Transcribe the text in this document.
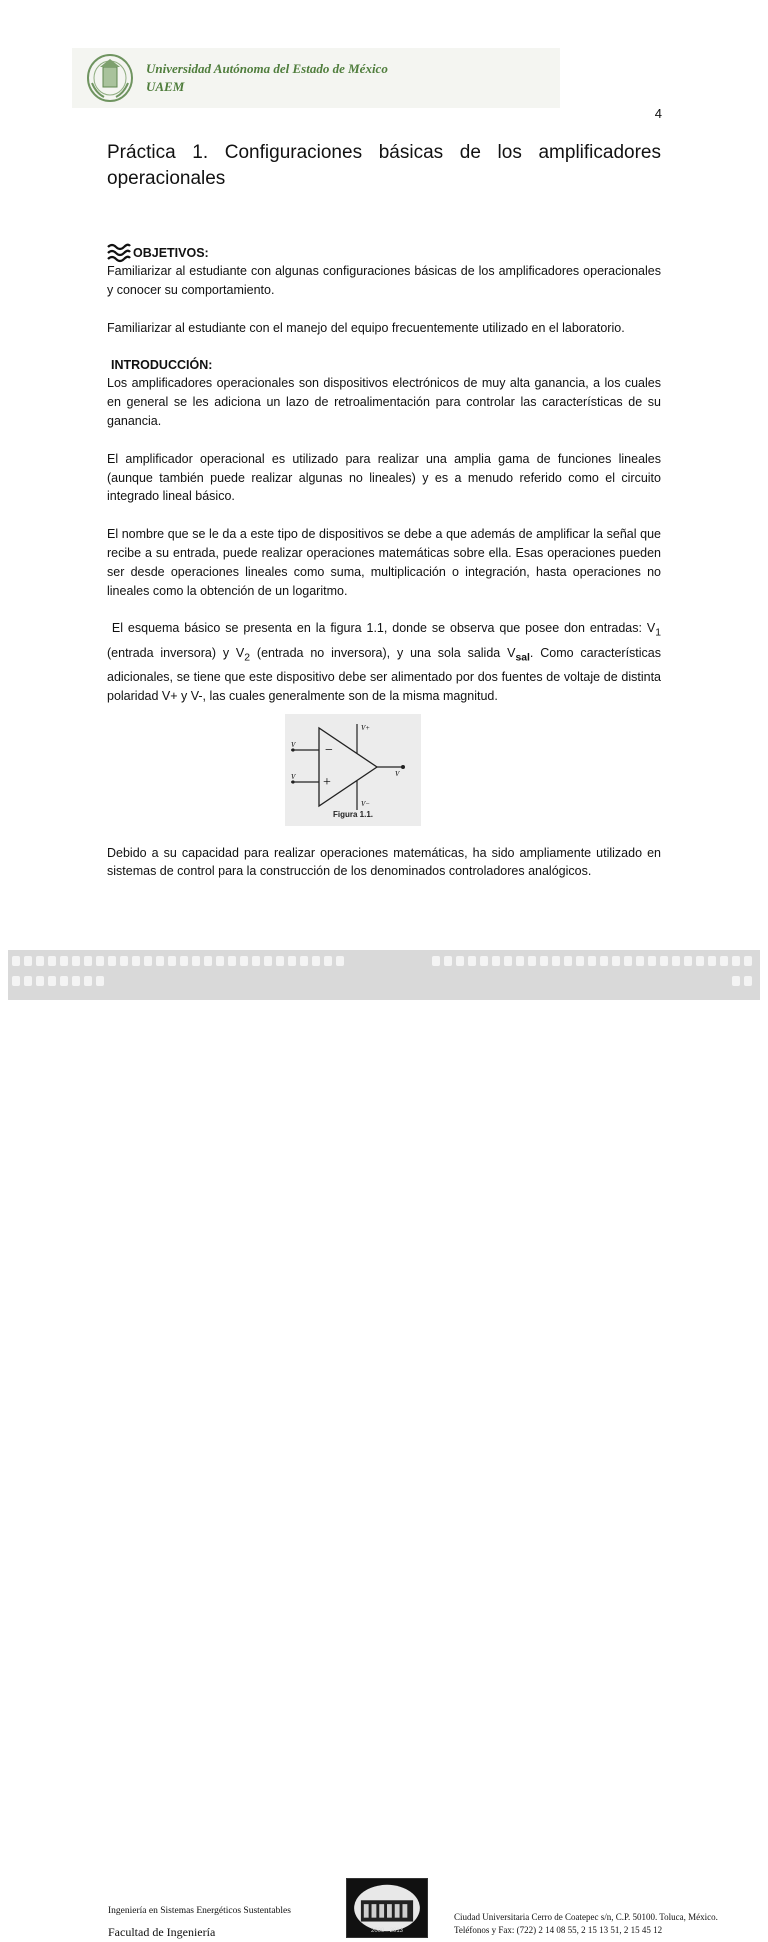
Universidad Autónoma del Estado de México
UAEM
4
Práctica 1. Configuraciones básicas de los amplificadores
operacionales
OBJETIVOS:

Familiarizar al estudiante con algunas configuraciones básicas de los amplificadores operacionales y conocer su comportamiento.

Familiarizar al estudiante con el manejo del equipo frecuentemente utilizado en el laboratorio.

INTRODUCCIÓN:

Los amplificadores operacionales son dispositivos electrónicos de muy alta ganancia, a los cuales en general se les adiciona un lazo de retroalimentación para controlar las características de su ganancia.

El amplificador operacional es utilizado para realizar una amplia gama de funciones lineales (aunque también puede realizar algunas no lineales) y es a menudo referido como el circuito integrado lineal básico.

El nombre que se le da a este tipo de dispositivos se debe a que además de amplificar la señal que recibe a su entrada, puede realizar operaciones matemáticas sobre ella. Esas operaciones pueden ser desde operaciones lineales como suma, multiplicación o integración, hasta operaciones no lineales como la obtención de un logaritmo.

El esquema básico se presenta en la figura 1.1, donde se observa que posee don entradas: $V_1$ (entrada inversora) y $V_2$ (entrada no inversora), y una sola salida $V_{sal}$. Como características adicionales, se tiene que este dispositivo debe ser alimentado por dos fuentes de voltaje de distinta polaridad V+ y V-, las cuales generalmente son de la misma magnitud.

−
+
V+
V−
V
V	V
Figura 1.1.

Debido a su capacidad para realizar operaciones matemáticas, ha sido ampliamente utilizado en sistemas de control para la construcción de los denominados controladores analógicos.

2009 - 2013
Ingeniería en Sistemas Energéticos Sustentables
Facultad de Ingeniería
Ciudad Universitaria Cerro de Coatepec s/n, C.P. 50100. Toluca, México.
Teléfonos y Fax: (722) 2 14 08 55, 2 15 13 51, 2 15 45 12
